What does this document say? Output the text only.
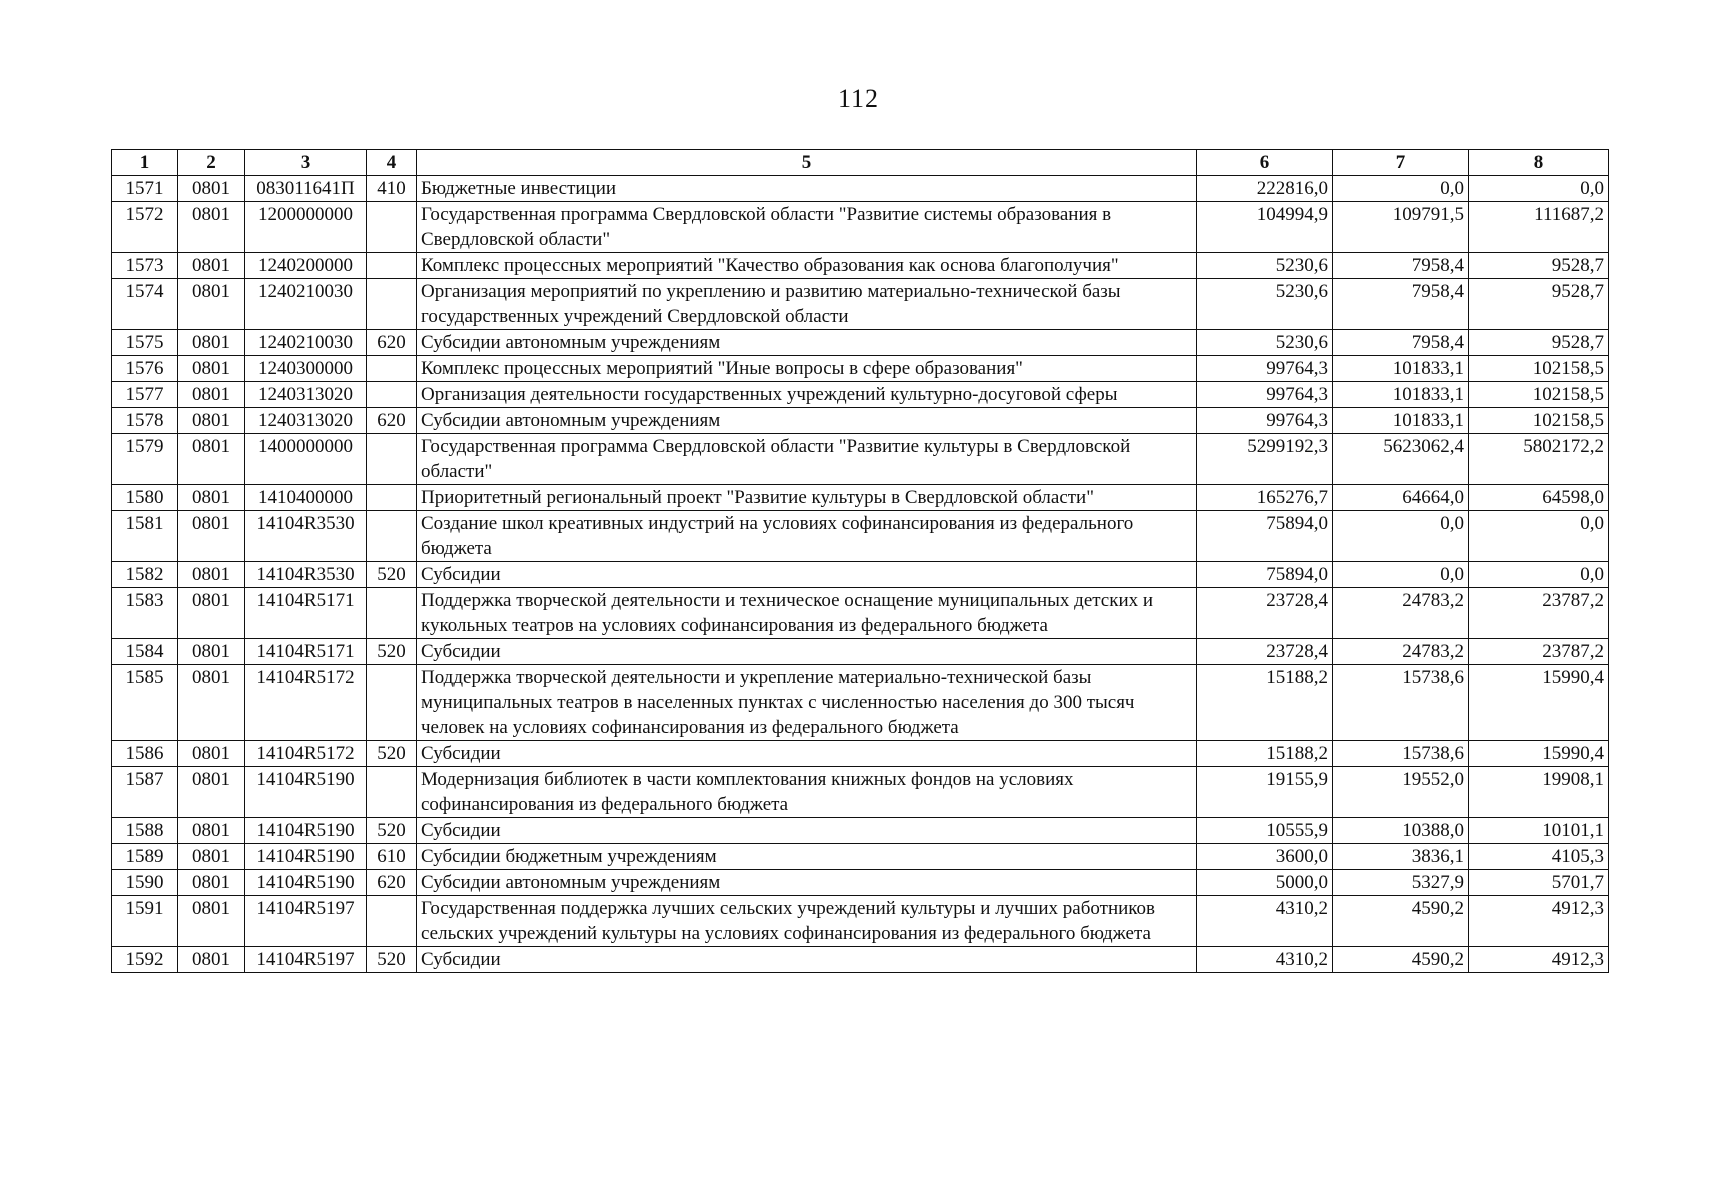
112
1	2	3	4	5	6	7	8
1571	0801	083011641П	410	Бюджетные инвестиции	222816,0	0,0	0,0
1572	0801	1200000000		Государственная программа Свердловской области "Развитие системы образования в Свердловской области"	104994,9	109791,5	111687,2
1573	0801	1240200000		Комплекс процессных мероприятий "Качество образования как основа благополучия"	5230,6	7958,4	9528,7
1574	0801	1240210030		Организация мероприятий по укреплению и развитию материально-технической базы государственных учреждений Свердловской области	5230,6	7958,4	9528,7
1575	0801	1240210030	620	Субсидии автономным учреждениям	5230,6	7958,4	9528,7
1576	0801	1240300000		Комплекс процессных мероприятий "Иные вопросы в сфере образования"	99764,3	101833,1	102158,5
1577	0801	1240313020		Организация деятельности государственных учреждений культурно-досуговой сферы	99764,3	101833,1	102158,5
1578	0801	1240313020	620	Субсидии автономным учреждениям	99764,3	101833,1	102158,5
1579	0801	1400000000		Государственная программа Свердловской области "Развитие культуры в Свердловской области"	5299192,3	5623062,4	5802172,2
1580	0801	1410400000		Приоритетный региональный проект "Развитие культуры в Свердловской области"	165276,7	64664,0	64598,0
1581	0801	14104R3530		Создание школ креативных индустрий на условиях софинансирования из федерального бюджета	75894,0	0,0	0,0
1582	0801	14104R3530	520	Субсидии	75894,0	0,0	0,0
1583	0801	14104R5171		Поддержка творческой деятельности и техническое оснащение муниципальных детских и кукольных театров на условиях софинансирования из федерального бюджета	23728,4	24783,2	23787,2
1584	0801	14104R5171	520	Субсидии	23728,4	24783,2	23787,2
1585	0801	14104R5172		Поддержка творческой деятельности и укрепление материально-технической базы муниципальных театров в населенных пунктах с численностью населения до 300 тысяч человек на условиях софинансирования из федерального бюджета	15188,2	15738,6	15990,4
1586	0801	14104R5172	520	Субсидии	15188,2	15738,6	15990,4
1587	0801	14104R5190		Модернизация библиотек в части комплектования книжных фондов на условиях софинансирования из федерального бюджета	19155,9	19552,0	19908,1
1588	0801	14104R5190	520	Субсидии	10555,9	10388,0	10101,1
1589	0801	14104R5190	610	Субсидии бюджетным учреждениям	3600,0	3836,1	4105,3
1590	0801	14104R5190	620	Субсидии автономным учреждениям	5000,0	5327,9	5701,7
1591	0801	14104R5197		Государственная поддержка лучших сельских учреждений культуры и лучших работников сельских учреждений культуры на условиях софинансирования из федерального бюджета	4310,2	4590,2	4912,3
1592	0801	14104R5197	520	Субсидии	4310,2	4590,2	4912,3
